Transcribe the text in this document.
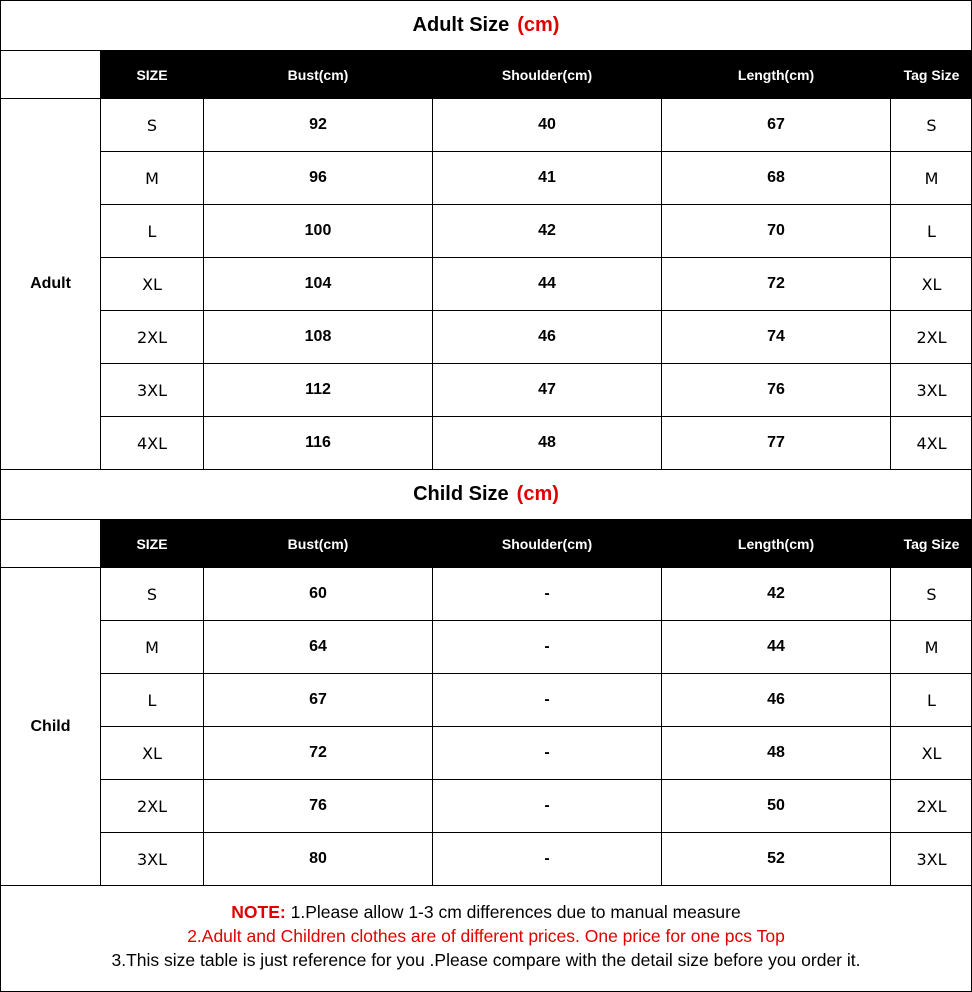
Adult Size (cm)
	SIZE	Bust(cm)	Shoulder(cm)	Length(cm)	Tag Size
Adult	S	92	40	67	S
	M	96	41	68	M
	L	100	42	70	L
	XL	104	44	72	XL
	2XL	108	46	74	2XL
	3XL	112	47	76	3XL
	4XL	116	48	77	4XL
Child Size (cm)
	SIZE	Bust(cm)	Shoulder(cm)	Length(cm)	Tag Size
Child	S	60	-	42	S
	M	64	-	44	M
	L	67	-	46	L
	XL	72	-	48	XL
	2XL	76	-	50	2XL
	3XL	80	-	52	3XL
NOTE: 1.Please allow 1-3 cm differences due to manual measure
2.Adult and Children clothes are of different prices. One price for one pcs Top
3.This size table is just reference for you .Please compare with the detail size before you order it.
